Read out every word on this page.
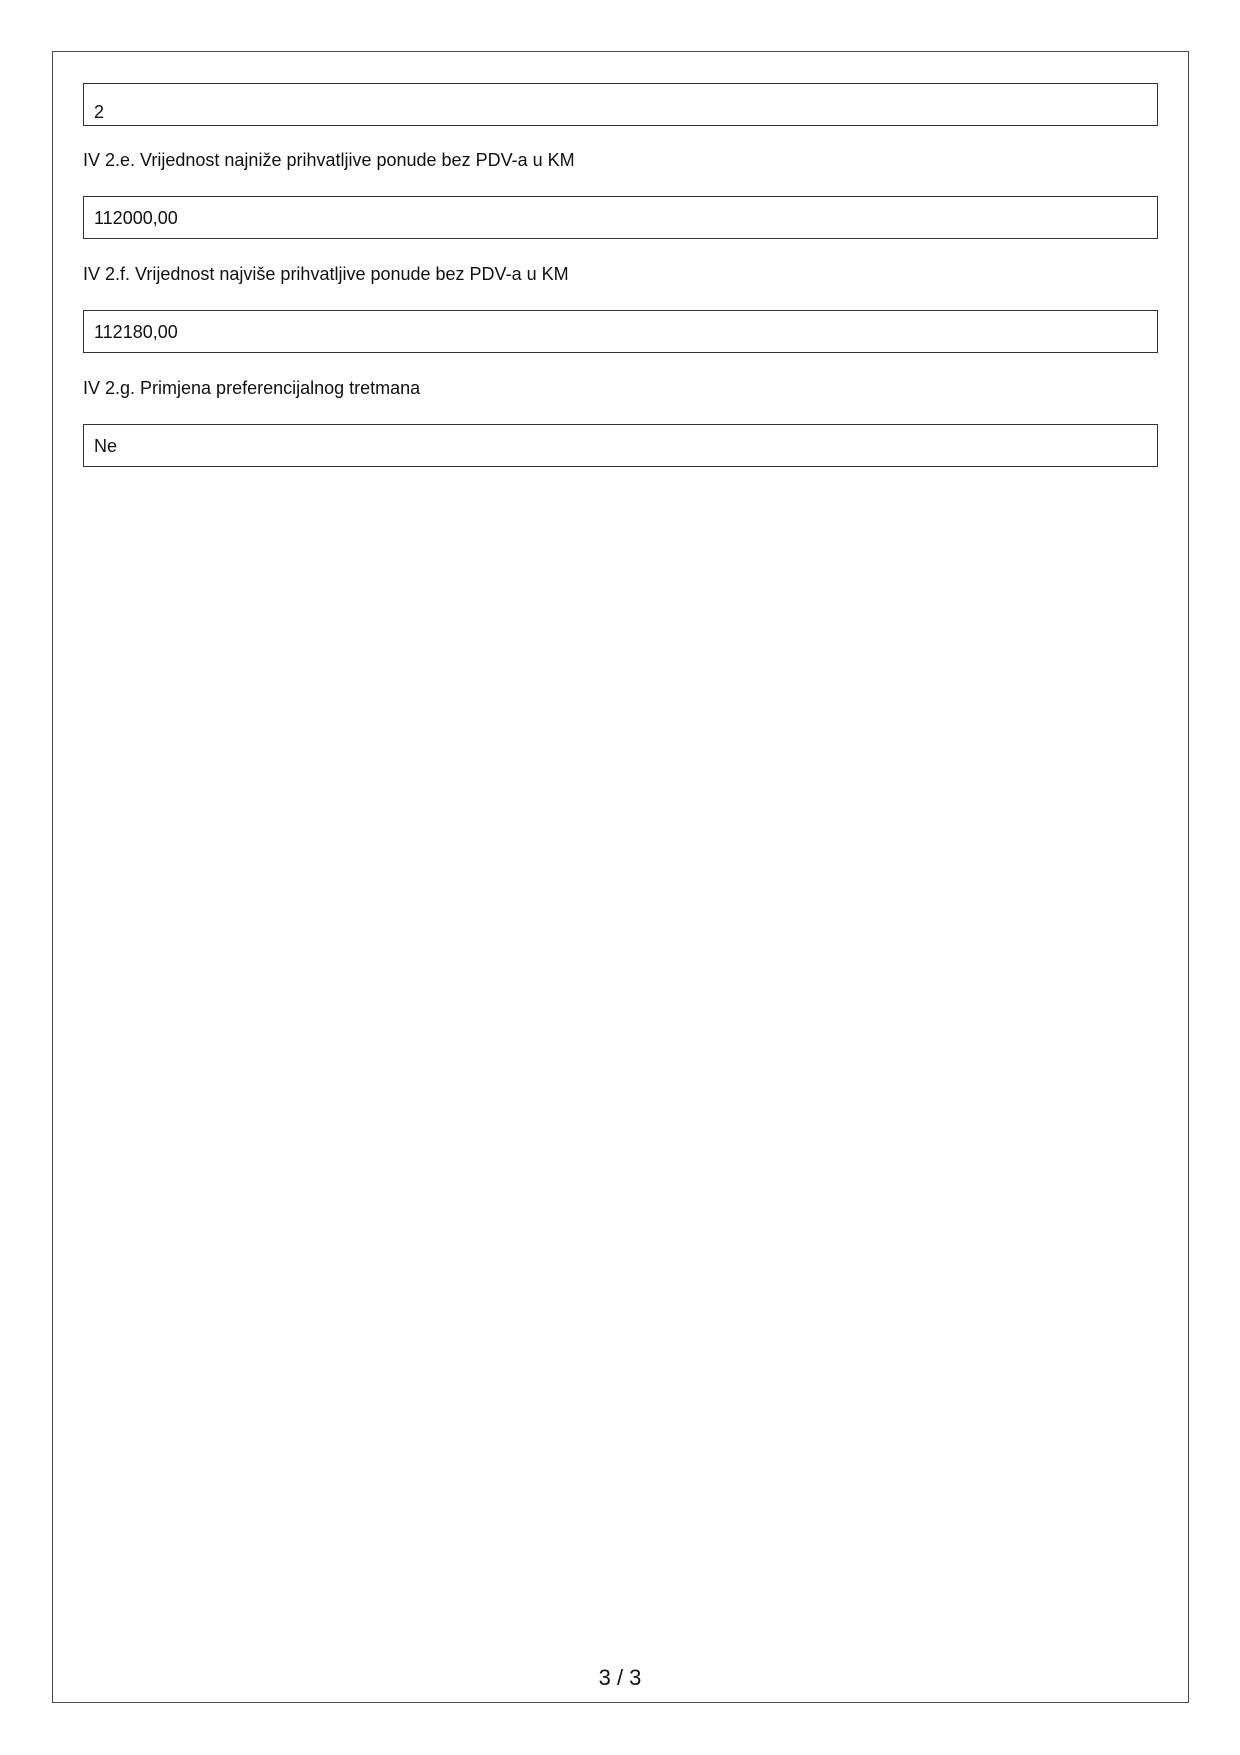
2
IV 2.e. Vrijednost najniže prihvatljive ponude bez PDV-a u KM
112000,00
IV 2.f. Vrijednost najviše prihvatljive ponude bez PDV-a u KM
112180,00
IV 2.g. Primjena preferencijalnog tretmana
Ne
3 / 3
